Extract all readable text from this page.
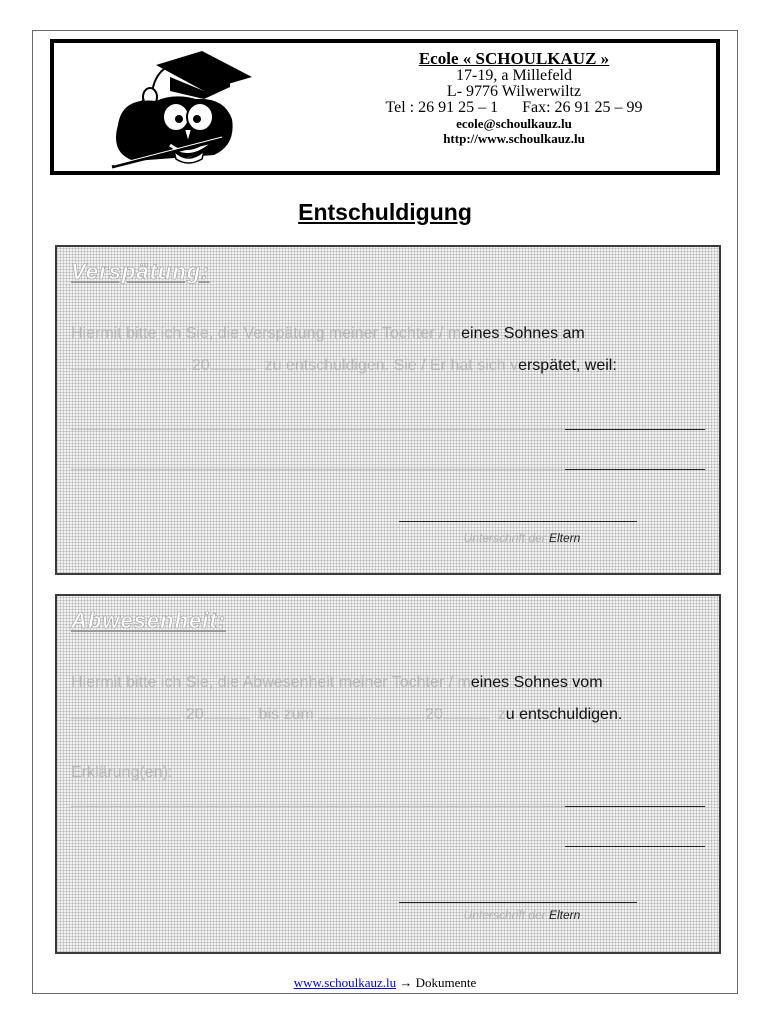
Ecole « SCHOULKAUZ »
17-19, a Millefeld
L- 9776 Wilwerwiltz
Tel : 26 91 25 – 1 Fax: 26 91 25 – 99
ecole@schoulkauz.lu
http://www.schoulkauz.lu
Entschuldigung
Verspätung:
Hiermit bitte ich Sie, die Verspätung meiner Tochter / meines Sohnes am
.	.20	zu entschuldigen. Sie / Er hat sich verspätet, weil:
Unterschrift der Eltern
Abwesenheit:
Hiermit bitte ich Sie, die Abwesenheit meiner Tochter / meines Sohnes vom
.	.20	bis zum	.	.20	zu entschuldigen.
Erklärung(en):
Unterschrift der Eltern
www.schoulkauz.lu → Dokumente
